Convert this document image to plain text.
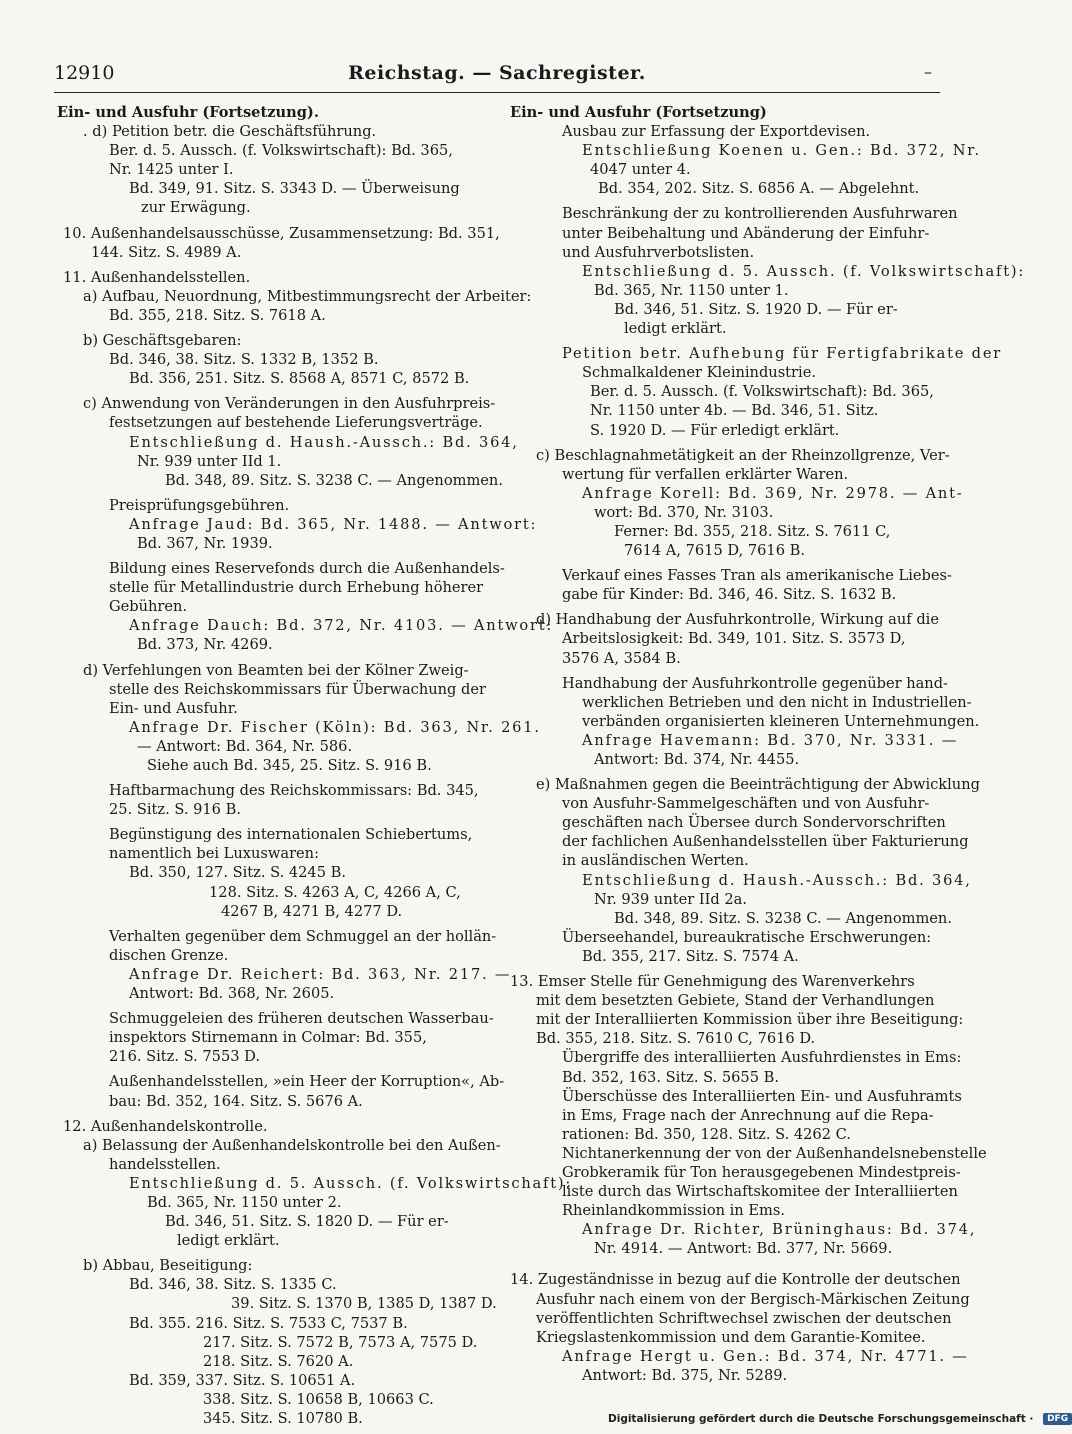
12910	Reichstag. — Sachregister.	–
Ein- und Ausfuhr (Fortsetzung).
. d) Petition betr. die Geschäftsführung.
Ber. d. 5. Aussch. (f. Volkswirtschaft): Bd. 365,
Nr. 1425 unter I.
Bd. 349, 91. Sitz. S. 3343 D. — Überweisung
zur Erwägung.
10. Außenhandelsausschüsse, Zusammensetzung: Bd. 351,
144. Sitz. S. 4989 A.
11. Außenhandelsstellen.
a) Aufbau, Neuordnung, Mitbestimmungsrecht der Arbeiter:
Bd. 355, 218. Sitz. S. 7618 A.
b) Geschäftsgebaren:
Bd. 346, 38. Sitz. S. 1332 B, 1352 B.
Bd. 356, 251. Sitz. S. 8568 A, 8571 C, 8572 B.
c) Anwendung von Veränderungen in den Ausfuhrpreis-
festsetzungen auf bestehende Lieferungsverträge.
Entschließung d. Haush.-Aussch.: Bd. 364,
Nr. 939 unter IId 1.
Bd. 348, 89. Sitz. S. 3238 C. — Angenommen.
Preisprüfungsgebühren.
Anfrage Jaud: Bd. 365, Nr. 1488. — Antwort:
Bd. 367, Nr. 1939.
Bildung eines Reservefonds durch die Außenhandels-
stelle für Metallindustrie durch Erhebung höherer
Gebühren.
Anfrage Dauch: Bd. 372, Nr. 4103. — Antwort:
Bd. 373, Nr. 4269.
d) Verfehlungen von Beamten bei der Kölner Zweig-
stelle des Reichskommissars für Überwachung der
Ein- und Ausfuhr.
Anfrage Dr. Fischer (Köln): Bd. 363, Nr. 261.
— Antwort: Bd. 364, Nr. 586.
Siehe auch Bd. 345, 25. Sitz. S. 916 B.
Haftbarmachung des Reichskommissars: Bd. 345,
25. Sitz. S. 916 B.
Begünstigung des internationalen Schiebertums,
namentlich bei Luxuswaren:
Bd. 350, 127. Sitz. S. 4245 B.
128. Sitz. S. 4263 A, C, 4266 A, C,
4267 B, 4271 B, 4277 D.
Verhalten gegenüber dem Schmuggel an der hollän-
dischen Grenze.
Anfrage Dr. Reichert: Bd. 363, Nr. 217. —
Antwort: Bd. 368, Nr. 2605.
Schmuggeleien des früheren deutschen Wasserbau-
inspektors Stirnemann in Colmar: Bd. 355,
216. Sitz. S. 7553 D.
Außenhandelsstellen, »ein Heer der Korruption«, Ab-
bau: Bd. 352, 164. Sitz. S. 5676 A.
12. Außenhandelskontrolle.
a) Belassung der Außenhandelskontrolle bei den Außen-
handelsstellen.
Entschließung d. 5. Aussch. (f. Volkswirtschaft):
Bd. 365, Nr. 1150 unter 2.
Bd. 346, 51. Sitz. S. 1820 D. — Für er-
ledigt erklärt.
b) Abbau, Beseitigung:
Bd. 346, 38. Sitz. S. 1335 C.
39. Sitz. S. 1370 B, 1385 D, 1387 D.
Bd. 355. 216. Sitz. S. 7533 C, 7537 B.
217. Sitz. S. 7572 B, 7573 A, 7575 D.
218. Sitz. S. 7620 A.
Bd. 359, 337. Sitz. S. 10651 A.
338. Sitz. S. 10658 B, 10663 C.
345. Sitz. S. 10780 B.
Ein- und Ausfuhr (Fortsetzung)
Ausbau zur Erfassung der Exportdevisen.
Entschließung Koenen u. Gen.: Bd. 372, Nr.
4047 unter 4.
Bd. 354, 202. Sitz. S. 6856 A. — Abgelehnt.
Beschränkung der zu kontrollierenden Ausfuhrwaren
unter Beibehaltung und Abänderung der Einfuhr-
und Ausfuhrverbotslisten.
Entschließung d. 5. Aussch. (f. Volkswirtschaft):
Bd. 365, Nr. 1150 unter 1.
Bd. 346, 51. Sitz. S. 1920 D. — Für er-
ledigt erklärt.
Petition betr. Aufhebung für Fertigfabrikate der
Schmalkaldener Kleinindustrie.
Ber. d. 5. Aussch. (f. Volkswirtschaft): Bd. 365,
Nr. 1150 unter 4b. — Bd. 346, 51. Sitz.
S. 1920 D. — Für erledigt erklärt.
c) Beschlagnahmetätigkeit an der Rheinzollgrenze, Ver-
wertung für verfallen erklärter Waren.
Anfrage Korell: Bd. 369, Nr. 2978. — Ant-
wort: Bd. 370, Nr. 3103.
Ferner: Bd. 355, 218. Sitz. S. 7611 C,
7614 A, 7615 D, 7616 B.
Verkauf eines Fasses Tran als amerikanische Liebes-
gabe für Kinder: Bd. 346, 46. Sitz. S. 1632 B.
d) Handhabung der Ausfuhrkontrolle, Wirkung auf die
Arbeitslosigkeit: Bd. 349, 101. Sitz. S. 3573 D,
3576 A, 3584 B.
Handhabung der Ausfuhrkontrolle gegenüber hand-
werklichen Betrieben und den nicht in Industriellen-
verbänden organisierten kleineren Unternehmungen.
Anfrage Havemann: Bd. 370, Nr. 3331. —
Antwort: Bd. 374, Nr. 4455.
e) Maßnahmen gegen die Beeinträchtigung der Abwicklung
von Ausfuhr-Sammelgeschäften und von Ausfuhr-
geschäften nach Übersee durch Sondervorschriften
der fachlichen Außenhandelsstellen über Fakturierung
in ausländischen Werten.
Entschließung d. Haush.-Aussch.: Bd. 364,
Nr. 939 unter IId 2a.
Bd. 348, 89. Sitz. S. 3238 C. — Angenommen.
Überseehandel, bureaukratische Erschwerungen:
Bd. 355, 217. Sitz. S. 7574 A.
13. Emser Stelle für Genehmigung des Warenverkehrs
mit dem besetzten Gebiete, Stand der Verhandlungen
mit der Interalliierten Kommission über ihre Beseitigung:
Bd. 355, 218. Sitz. S. 7610 C, 7616 D.
Übergriffe des interalliierten Ausfuhrdienstes in Ems:
Bd. 352, 163. Sitz. S. 5655 B.
Überschüsse des Interalliierten Ein- und Ausfuhramts
in Ems, Frage nach der Anrechnung auf die Repa-
rationen: Bd. 350, 128. Sitz. S. 4262 C.
Nichtanerkennung der von der Außenhandelsnebenstelle
Grobkeramik für Ton herausgegebenen Mindestpreis-
liste durch das Wirtschaftskomitee der Interalliierten
Rheinlandkommission in Ems.
Anfrage Dr. Richter, Brüninghaus: Bd. 374,
Nr. 4914. — Antwort: Bd. 377, Nr. 5669.
14. Zugeständnisse in bezug auf die Kontrolle der deutschen
Ausfuhr nach einem von der Bergisch-Märkischen Zeitung
veröffentlichten Schriftwechsel zwischen der deutschen
Kriegslastenkommission und dem Garantie-Komitee.
Anfrage Hergt u. Gen.: Bd. 374, Nr. 4771. —
Antwort: Bd. 375, Nr. 5289.
Digitalisierung gefördert durch die Deutsche Forschungsgemeinschaft · DFG
